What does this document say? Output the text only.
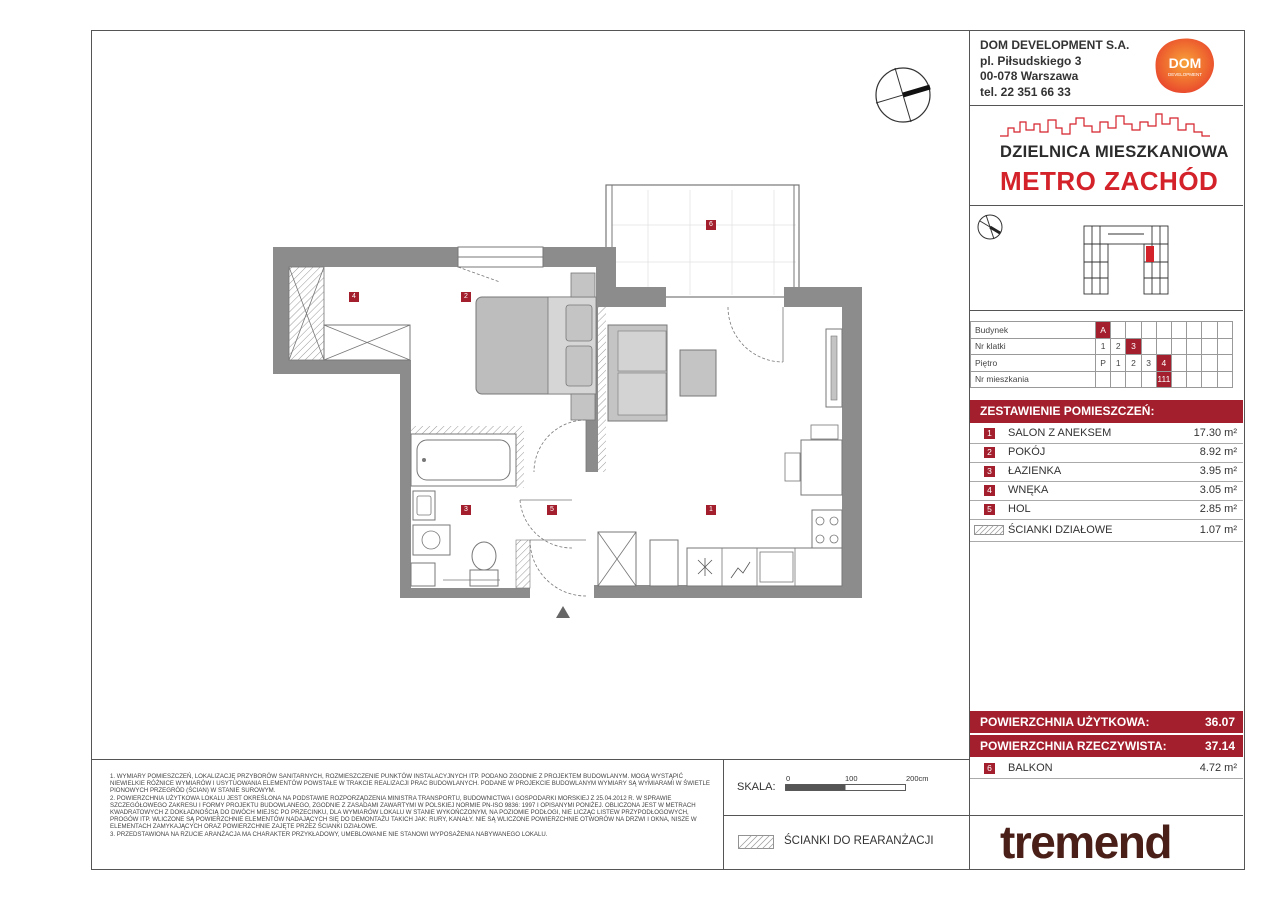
DOM DEVELOPMENT S.A.
pl. Piłsudskiego 3
00-078 Warszawa
tel. 22 351 66 33
DOM
DEVELOPMENT
DZIELNICA MIESZKANIOWA
METRO ZACHÓD
Budynek	A								
Nr klatki	1	2	3						
Piętro	P	1	2	3	4				
Nr mieszkania					111				
ZESTAWIENIE POMIESZCZEŃ:
1 SALON Z ANEKSEM	17.30 m²
2 POKÓJ	8.92 m²
3 ŁAZIENKA	3.95 m²
4 WNĘKA	3.05 m²
5 HOL	2.85 m²
ŚCIANKI DZIAŁOWE	1.07 m²
POWIERZCHNIA UŻYTKOWA:	36.07
POWIERZCHNIA RZECZYWISTA:	37.14
6 BALKON	4.72 m²
1
2
3
4
5
6
1. WYMIARY POMIESZCZEŃ, LOKALIZACJĘ PRZYBORÓW SANITARNYCH, ROZMIESZCZENIE PUNKTÓW INSTALACYJNYCH ITP. PODANO ZGODNIE Z PROJEKTEM BUDOWLANYM. MOGĄ WYSTĄPIĆ NIEWIELKIE RÓŻNICE WYMIARÓW I USYTUOWANIA ELEMENTÓW POWSTAŁE W TRAKCIE REALIZACJI PRAC BUDOWLANYCH. PODANE W PROJEKCIE BUDOWLANYM WYMIARY SĄ WYMIARAMI W ŚWIETLE PIONOWYCH PRZEGRÓD (ŚCIAN) W STANIE SUROWYM.
2. POWIERZCHNIA UŻYTKOWA LOKALU JEST OKREŚLONA NA PODSTAWIE ROZPORZĄDZENIA MINISTRA TRANSPORTU, BUDOWNICTWA I GOSPODARKI MORSKIEJ Z 25.04.2012 R. W SPRAWIE SZCZEGÓŁOWEGO ZAKRESU I FORMY PROJEKTU BUDOWLANEGO, ZGODNIE Z ZASADAMI ZAWARTYMI W POLSKIEJ NORMIE PN-ISO 9836: 1997 I OPISANYMI PONIŻEJ. OBLICZONA JEST W METRACH KWADRATOWYCH Z DOKŁADNOŚCIĄ DO DWÓCH MIEJSC PO PRZECINKU, DLA WYMIARÓW LOKALU W STANIE WYKOŃCZONYM, NA POZIOMIE PODŁOGI, NIE LICZĄC LISTEW PRZYPODŁOGOWYCH, PROGÓW ITP. WLICZONE SĄ POWIERZCHNIE ELEMENTÓW NADAJĄCYCH SIĘ DO DEMONTAŻU TAKICH JAK: RURY, KANAŁY. NIE SĄ WLICZONE POWIERZCHNIE OTWORÓW NA DRZWI I OKNA, NISZE W ELEMENTACH ZAMYKAJĄCYCH ORAZ POWIERZCHNIE ZAJĘTE PRZEZ ŚCIANKI DZIAŁOWE.
3. PRZEDSTAWIONA NA RZUCIE ARANŻACJA MA CHARAKTER PRZYKŁADOWY, UMEBLOWANIE NIE STANOWI WYPOSAŻENIA NABYWANEGO LOKALU.
SKALA:
0	100	200cm
ŚCIANKI DO REARANŻACJI tremend
